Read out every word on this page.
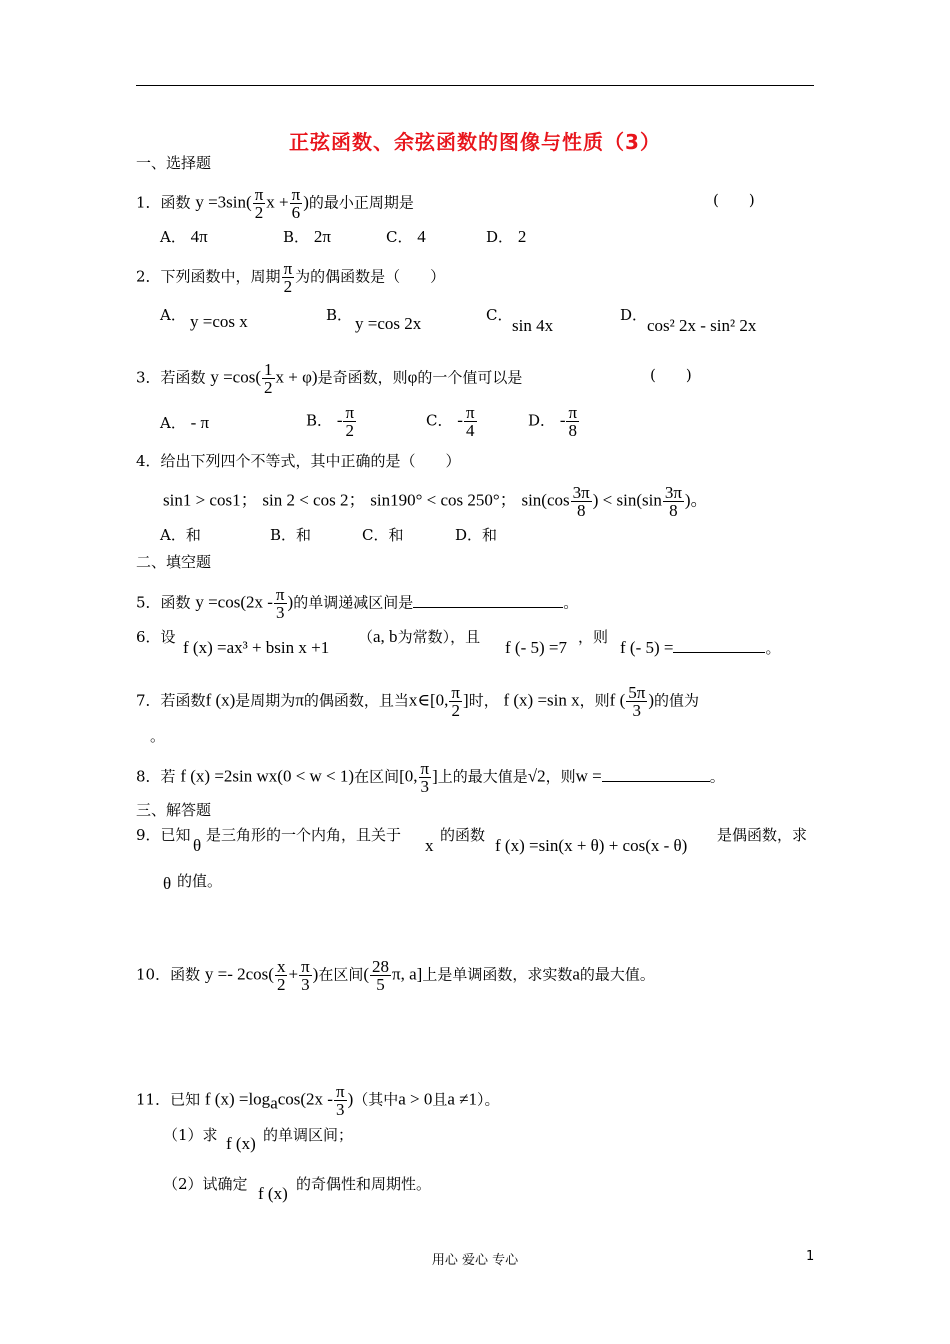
正弦函数、余弦函数的图像与性质（3）
一、选择题
1．函数 $y =3\sin( \frac{\pi}{2}$ $x + \frac{\pi}{6}$ )的最小正周期是	(　　)
A． 4π	B． 2π	C． 4	D． 2
2．下列函数中，周期 $\frac{\pi}{2}$ 为的偶函数是（　　）
A． y =cos x	B． y =cos 2x	C．
sin 4x
D．
cos² 2x - sin² 2x
3．若函数 $y =\cos( \frac{1}{2}$ x + φ)是奇函数，则φ的一个值可以是	(　　)
A． - π	B． - $\frac{\pi}{2}$	C． - $\frac{\pi}{4}$	D． - $\frac{\pi}{8}$
4．给出下列四个不等式，其中正确的是（　　）
sin1 > cos1； sin 2 < cos 2； sin190° < cos 250°； $\sin(\cos \frac{3\pi}{8}$ ) < $\sin(\sin \frac{3\pi}{8}$ )。
A．和	B．和	C．和	D．和
二、填空题
5．函数 $y =\cos(2x - \frac{\pi}{3}$ )的单调递减区间是	。
6．设
f (x) =ax³ + bsin x +1
（a, b为常数），且
f (- 5) =7
，则
f (- 5) =	。
7．若函数f (x)是周期为π的偶函数，且当x∈[0, $\frac{\pi}{2}$ ]时， f (x) =sin x，则f ( $\frac{5\pi}{3}$ )的值为
。
8．若 f (x) =2sin wx(0 < w < 1)在区间[0, $\frac{\pi}{3}$ ]上的最大值是√2，则w =	。
三、解答题
9．已知
θ
是三角形的一个内角，且关于
x
的函数
f (x) =sin(x + θ) + cos(x - θ)
是偶函数，求
θ 的值。
10．函数 $y =- 2\cos( \frac{x}{2} + \frac{\pi}{3}$ )在区间( $\frac{28}{5} \pi$, a]上是单调函数，求实数a的最大值。
11．已知 f $(x) =\log_a\cos(2x - \frac{\pi}{3}$ )（其中a > 0且a ≠1）。
（1）求 f (x) 的单调区间；
（2）试确定 f (x) 的奇偶性和周期性。
用心 爱心 专心	1
